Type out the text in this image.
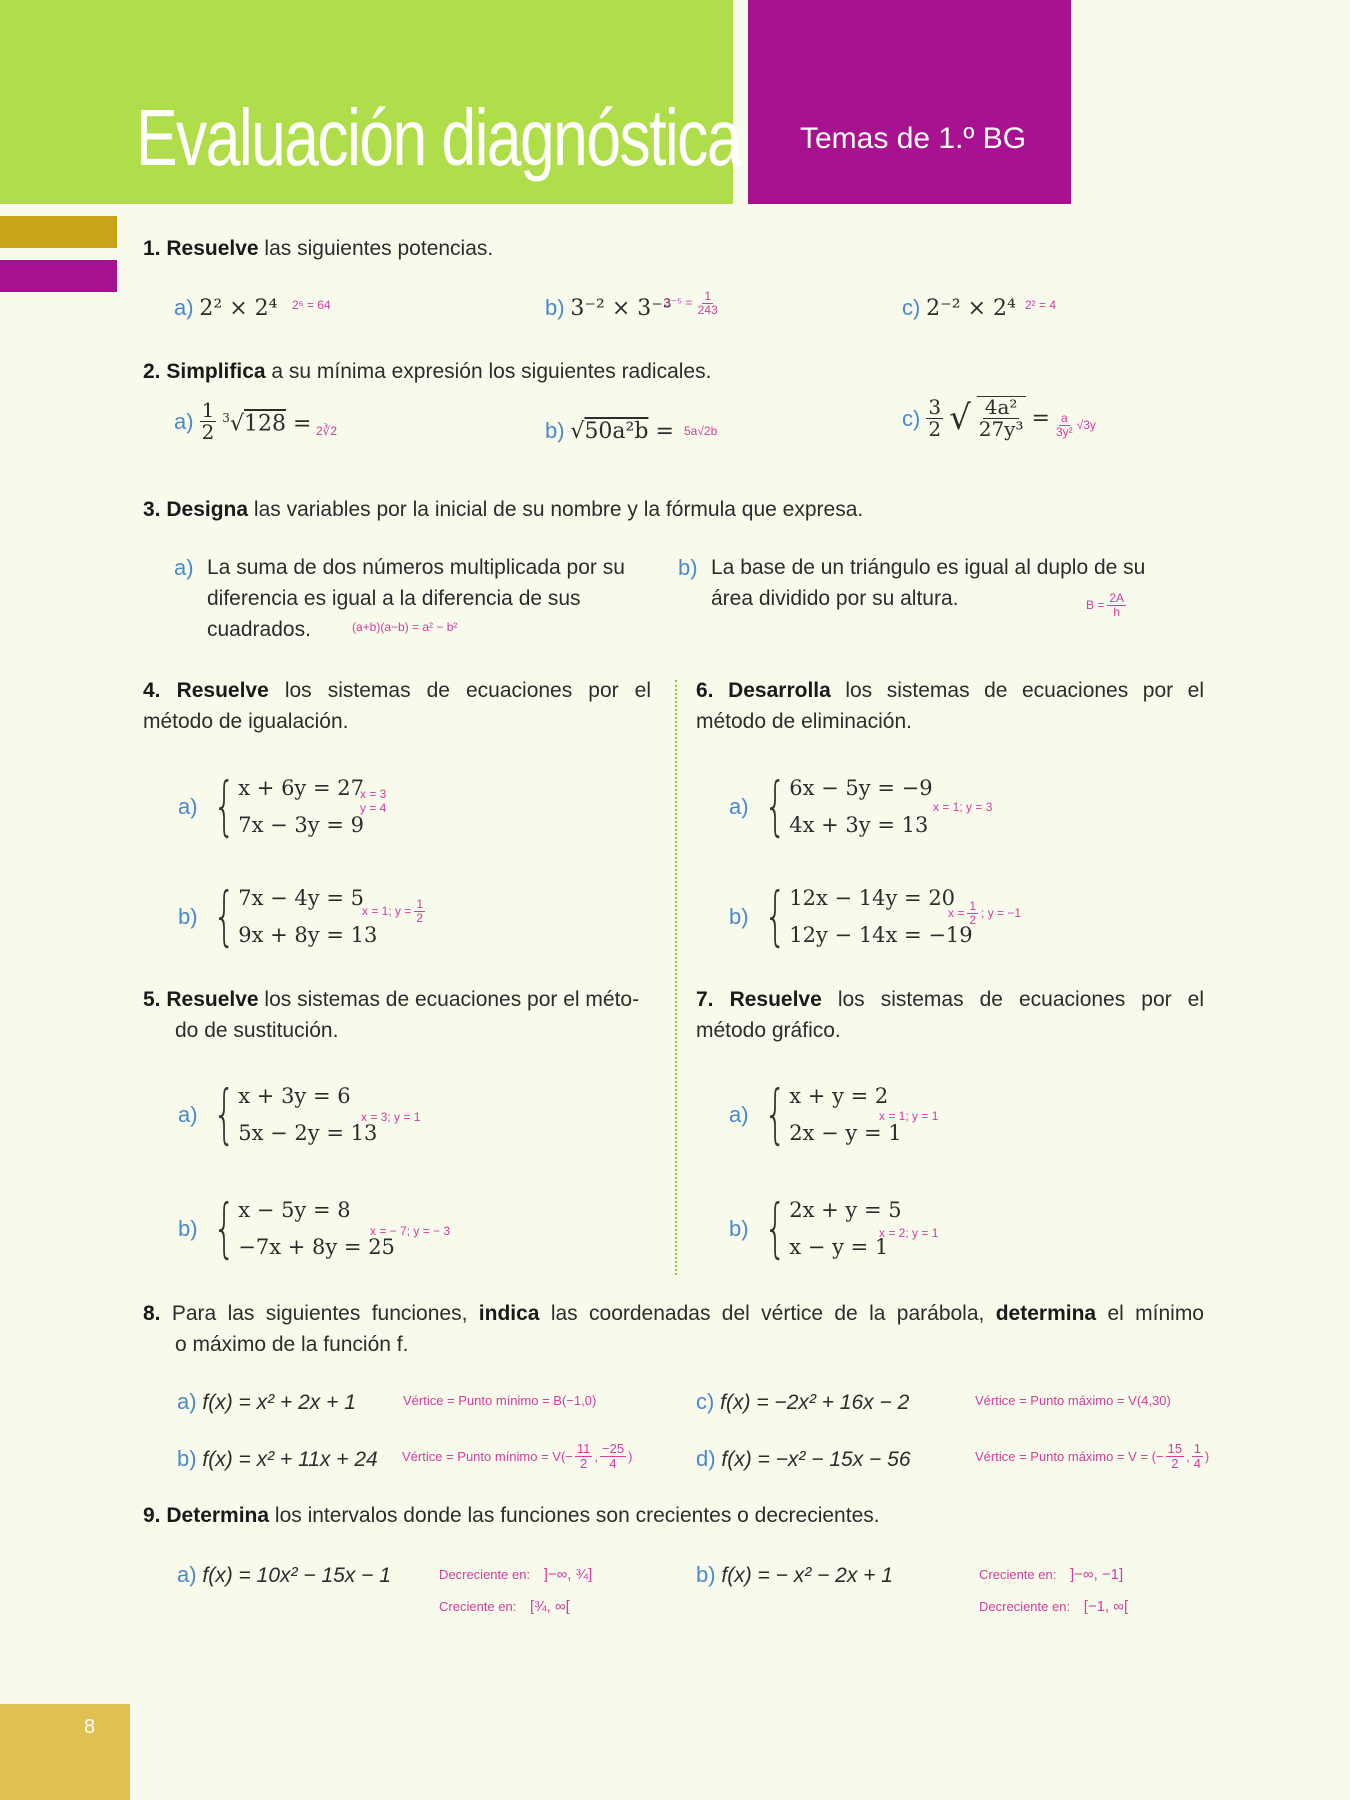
Evaluación diagnóstica Temas de 1.º BG
1. Resuelve las siguientes potencias.
a) 2² × 2⁴ 2⁶ = 64	b) 3⁻² × 3⁻³
$3^{-5} = \frac{1}{243}$	c) 2⁻² × 2⁴ 2² = 4
2. Simplifica a su mínima expresión los siguientes radicales.
$a) \frac{1}{2} ^3√128$ = 2∛2	b) √50a²b = 5a√2b
$c) \frac{3}{2}$ √ $\frac{\text{4a²}}{\text{27y³}} = \frac{a}{\text{3y²}} √3y$
3. Designa las variables por la inicial de su nombre y la fórmula que expresa.
a) La suma de dos números multiplicada por su
diferencia es igual a la diferencia de sus
cuadrados.	(a+b)(a−b) = a² − b²
b) La base de un triángulo es igual al duplo de su
área dividido por su altura.	$B = \frac{2A}{h}$
4. Resuelve los sistemas de ecuaciones por el método de igualación.
a) { x + 6y = 27
7x − 3y = 9
x = 3
y = 4
b) { 7x − 4y = 5
9x + 8y = 13
x = 1; $y = \frac{1}{2}$
5. Resuelve los sistemas de ecuaciones por el méto-
do de sustitución.
a) { x + 3y = 6
5x − 2y = 13
x = 3; y = 1
b) { x − 5y = 8
−7x + 8y = 25
x = − 7; y = − 3
6. Desarrolla los sistemas de ecuaciones por el método de eliminación.
a) { 6x − 5y = −9
4x + 3y = 13
x = 1; y = 3
b) { 12x − 14y = 20
12y − 14x = −19
$x = \frac{1}{2}$ ; y = −1
7. Resuelve los sistemas de ecuaciones por el método gráfico.
a) { x + y = 2
2x − y = 1
x = 1; y = 1
b) { 2x + y = 5
x − y = 1
x = 2; y = 1
8. Para las siguientes funciones, indica las coordenadas del vértice de la parábola, determina el mínimo
o máximo de la función f.
a) f(x) = x² + 2x + 1	Vértice = Punto mínimo = B(−1,0)
b) f(x) = x² + 11x + 24 Vértice = Punto mínimo = $V(- \frac{11}{2}$ , $\frac{-25}{4}$ )
c) f(x) = −2x² + 16x − 2	Vértice = Punto máximo = V(4,30)
d) f(x) = −x² − 15x − 56	Vértice = Punto máximo = V = (− $\frac{15}{2}$ , $\frac{1}{4}$ )
9. Determina los intervalos donde las funciones son crecientes o decrecientes.
a) f(x) = 10x² − 15x − 1	Decreciente en: ]−∞, ¾]
Creciente en: [¾, ∞[
b) f(x) = − x² − 2x + 1	Creciente en: ]−∞, −1]
Decreciente en: [−1, ∞[
8
